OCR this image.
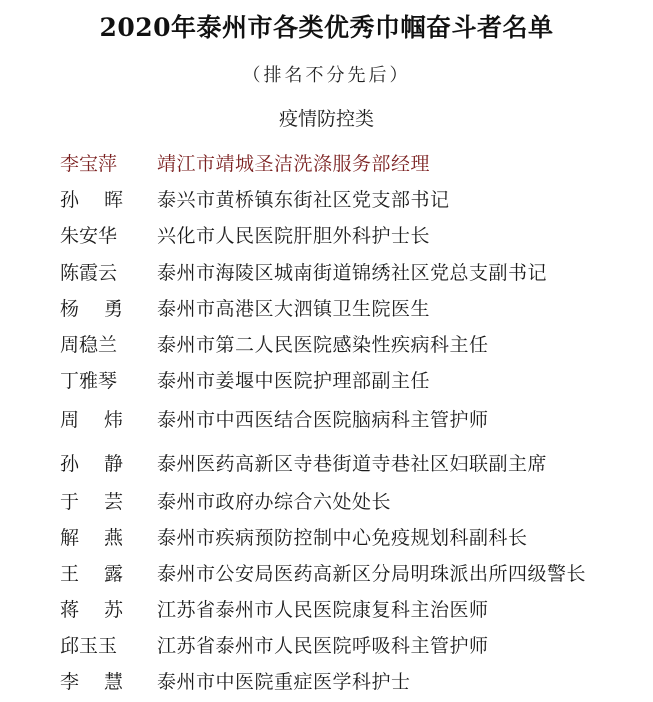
2020年泰州市各类优秀巾帼奋斗者名单
（排名不分先后）
疫情防控类
李宝萍	靖江市靖城圣洁洗涤服务部经理
孙晖 泰兴市黄桥镇东街社区党支部书记
朱安华	兴化市人民医院肝胆外科护士长
陈霞云	泰州市海陵区城南街道锦绣社区党总支副书记
杨勇 泰州市高港区大泗镇卫生院医生
周稳兰	泰州市第二人民医院感染性疾病科主任
丁雅琴	泰州市姜堰中医院护理部副主任
周炜 泰州市中西医结合医院脑病科主管护师
孙静 泰州医药高新区寺巷街道寺巷社区妇联副主席
于芸 泰州市政府办综合六处处长
解燕 泰州市疾病预防控制中心免疫规划科副科长
王露 泰州市公安局医药高新区分局明珠派出所四级警长
蒋苏 江苏省泰州市人民医院康复科主治医师
邱玉玉	江苏省泰州市人民医院呼吸科主管护师
李慧 泰州市中医院重症医学科护士
